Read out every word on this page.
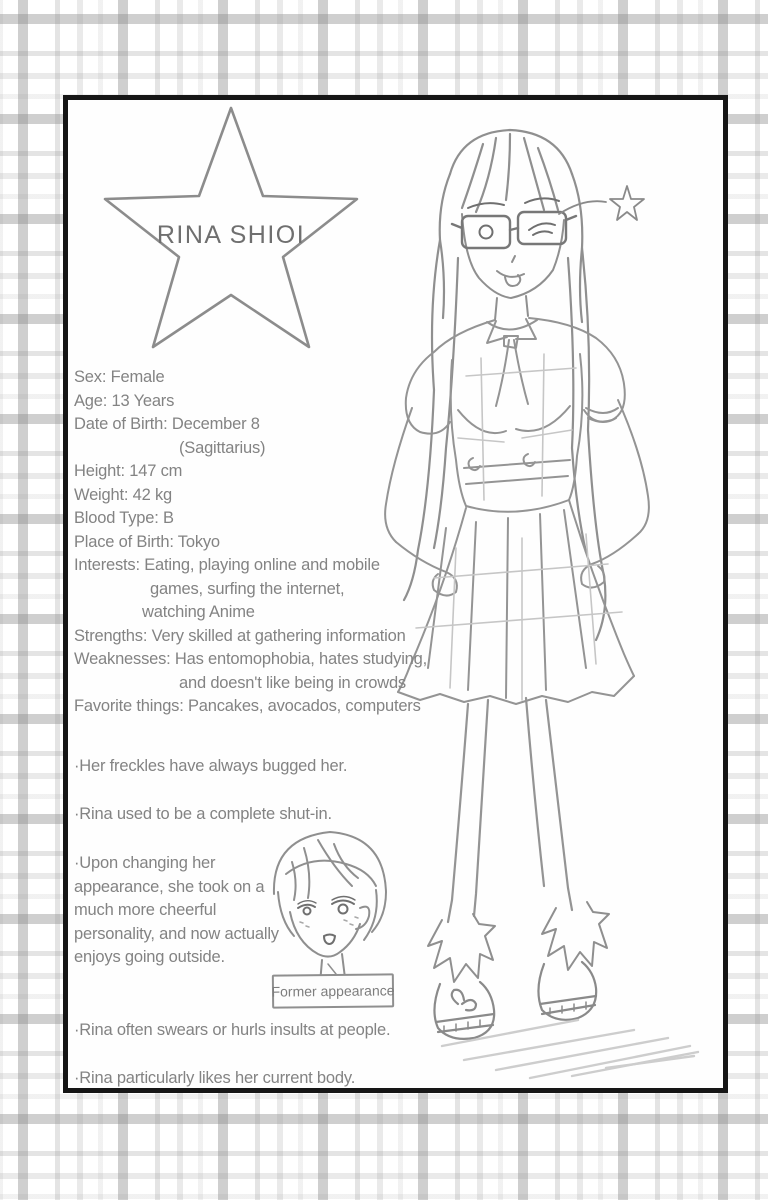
RINA SHIOI
Former appearance
Sex: Female
Age: 13 Years
Date of Birth: December 8
(Sagittarius)
Height: 147 cm
Weight: 42 kg
Blood Type: B
Place of Birth: Tokyo
Interests: Eating, playing online and mobile
games, surfing the internet,
watching Anime
Strengths: Very skilled at gathering information
Weaknesses: Has entomophobia, hates studying,
and doesn't like being in crowds
Favorite things: Pancakes, avocados, computers
·Her freckles have always bugged her.
·Rina used to be a complete shut-in.
·Upon changing her appearance, she took on a much more cheerful personality, and now actually enjoys going outside.
·Rina often swears or hurls insults at people.
·Rina particularly likes her current body.
